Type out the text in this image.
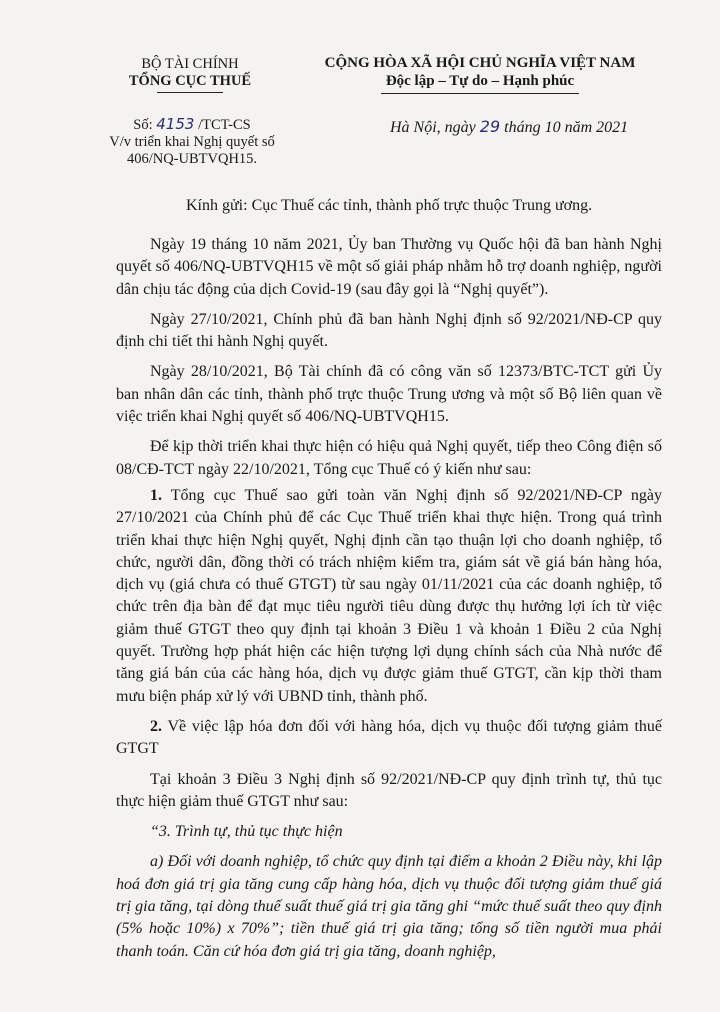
BỘ TÀI CHÍNH
TỔNG CỤC THUẾ
CỘNG HÒA XÃ HỘI CHỦ NGHĨA VIỆT NAM
Độc lập – Tự do – Hạnh phúc
Số: 4153 /TCT-CS
V/v triển khai Nghị quyết số
406/NQ-UBTVQH15.
Hà Nội, ngày 29 tháng 10 năm 2021
Kính gửi: Cục Thuế các tỉnh, thành phố trực thuộc Trung ương.

Ngày 19 tháng 10 năm 2021, Ủy ban Thường vụ Quốc hội đã ban hành Nghị quyết số 406/NQ-UBTVQH15 về một số giải pháp nhằm hỗ trợ doanh nghiệp, người dân chịu tác động của dịch Covid-19 (sau đây gọi là “Nghị quyết”).

Ngày 27/10/2021, Chính phủ đã ban hành Nghị định số 92/2021/NĐ-CP quy định chi tiết thi hành Nghị quyết.

Ngày 28/10/2021, Bộ Tài chính đã có công văn số 12373/BTC-TCT gửi Ủy ban nhân dân các tỉnh, thành phố trực thuộc Trung ương và một số Bộ liên quan về việc triển khai Nghị quyết số 406/NQ-UBTVQH15.

Để kịp thời triển khai thực hiện có hiệu quả Nghị quyết, tiếp theo Công điện số 08/CĐ-TCT ngày 22/10/2021, Tổng cục Thuế có ý kiến như sau:

1. Tổng cục Thuế sao gửi toàn văn Nghị định số 92/2021/NĐ-CP ngày 27/10/2021 của Chính phủ để các Cục Thuế triển khai thực hiện. Trong quá trình triển khai thực hiện Nghị quyết, Nghị định cần tạo thuận lợi cho doanh nghiệp, tổ chức, người dân, đồng thời có trách nhiệm kiểm tra, giám sát về giá bán hàng hóa, dịch vụ (giá chưa có thuế GTGT) từ sau ngày 01/11/2021 của các doanh nghiệp, tổ chức trên địa bàn để đạt mục tiêu người tiêu dùng được thụ hưởng lợi ích từ việc giảm thuế GTGT theo quy định tại khoản 3 Điều 1 và khoản 1 Điều 2 của Nghị quyết. Trường hợp phát hiện các hiện tượng lợi dụng chính sách của Nhà nước để tăng giá bán của các hàng hóa, dịch vụ được giảm thuế GTGT, cần kịp thời tham mưu biện pháp xử lý với UBND tỉnh, thành phố.

2. Về việc lập hóa đơn đối với hàng hóa, dịch vụ thuộc đối tượng giảm thuế GTGT

Tại khoản 3 Điều 3 Nghị định số 92/2021/NĐ-CP quy định trình tự, thủ tục thực hiện giảm thuế GTGT như sau:

“3. Trình tự, thủ tục thực hiện

a) Đối với doanh nghiệp, tổ chức quy định tại điểm a khoản 2 Điều này, khi lập hoá đơn giá trị gia tăng cung cấp hàng hóa, dịch vụ thuộc đối tượng giảm thuế giá trị gia tăng, tại dòng thuế suất thuế giá trị gia tăng ghi “mức thuế suất theo quy định (5% hoặc 10%) x 70%”; tiền thuế giá trị gia tăng; tổng số tiền người mua phải thanh toán. Căn cứ hóa đơn giá trị gia tăng, doanh nghiệp,
